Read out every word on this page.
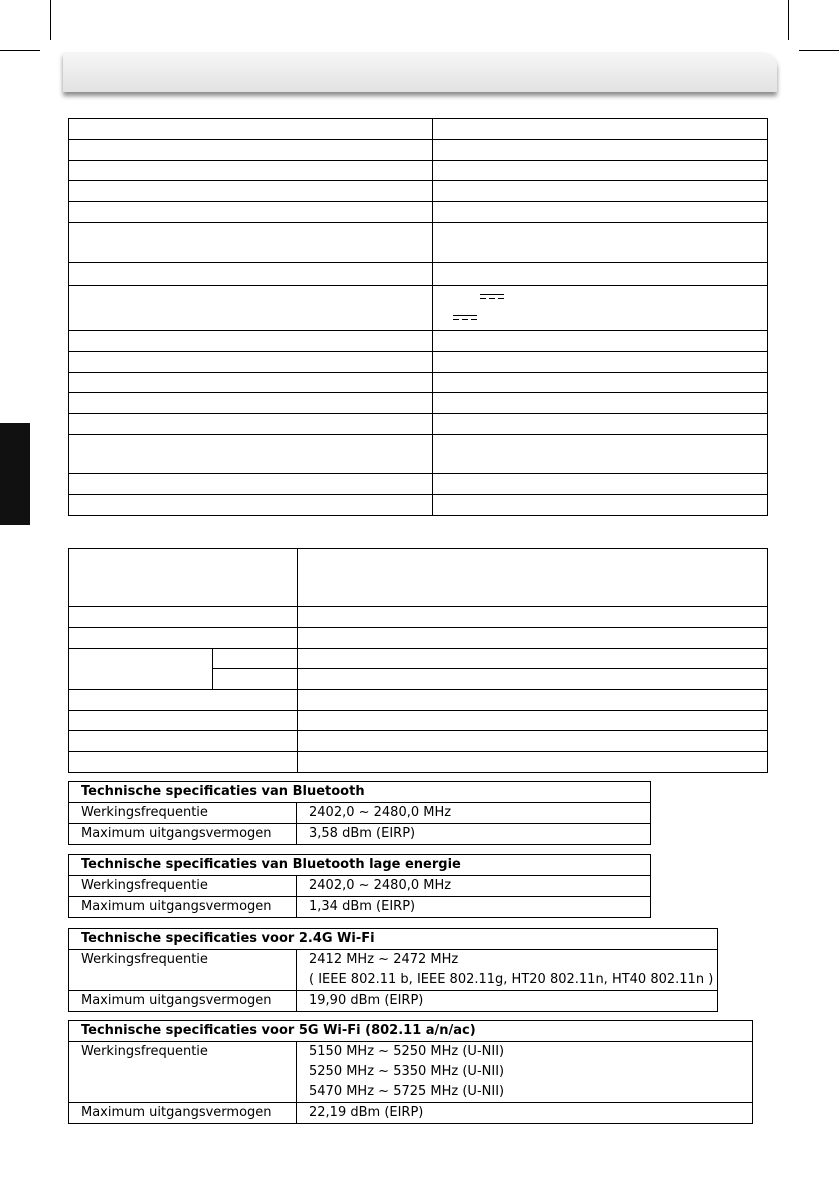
Technische specificaties van Bluetooth	
Werkingsfrequentie	2402,0 ~ 2480,0 MHz
Maximum uitgangsvermogen	3,58 dBm (EIRP)
Technische specificaties van Bluetooth lage energie	
Werkingsfrequentie	2402,0 ~ 2480,0 MHz
Maximum uitgangsvermogen	1,34 dBm (EIRP)
Technische specificaties voor 2.4G Wi-Fi	
Werkingsfrequentie	2412 MHz ~ 2472 MHz
( IEEE 802.11 b, IEEE 802.11g, HT20 802.11n, HT40 802.11n )

Maximum uitgangsvermogen	19,90 dBm (EIRP)
Technische specificaties voor 5G Wi-Fi (802.11 a/n/ac)	
Werkingsfrequentie	5150 MHz ~ 5250 MHz (U-NII)
5250 MHz ~ 5350 MHz (U-NII)
5470 MHz ~ 5725 MHz (U-NII)

Maximum uitgangsvermogen	22,19 dBm (EIRP)
